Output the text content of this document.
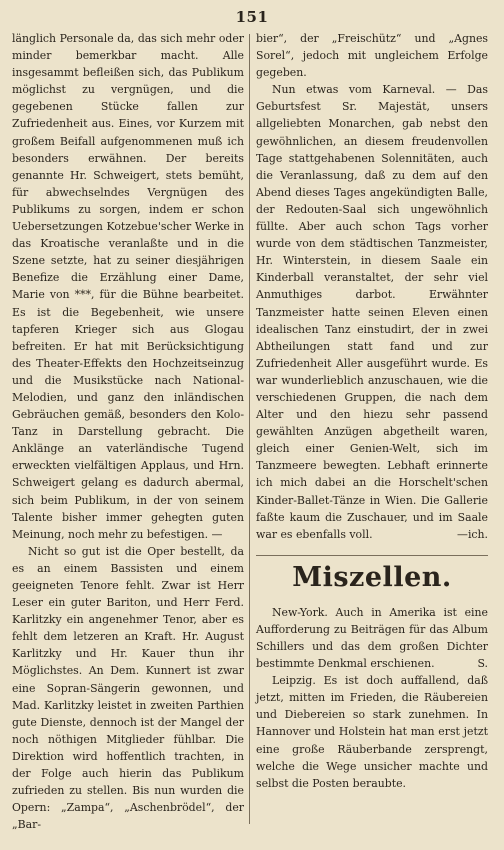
151

länglich Personale da, das sich mehr oder minder bemerkbar macht. Alle insgesammt befleißen sich, das Publikum möglichst zu vergnügen, und die gegebenen Stücke fallen zur Zufriedenheit aus. Eines, vor Kurzem mit großem Beifall aufgenommenen muß ich besonders erwähnen. Der bereits genannte Hr. Schweigert, stets bemüht, für abwechselndes Vergnügen des Publikums zu sorgen, indem er schon Uebersetzungen Kotzebue'scher Werke in das Kroatische veranlaßte und in die Szene setzte, hat zu seiner diesjährigen Benefize die Erzählung einer Dame, Marie von ***, für die Bühne bearbeitet. Es ist die Begebenheit, wie unsere tapferen Krieger sich aus Glogau befreiten. Er hat mit Berücksichtigung des Theater-Effekts den Hochzeitseinzug und die Musikstücke nach National-Melodien, und ganz den inländischen Gebräuchen gemäß, besonders den Kolo-Tanz in Darstellung gebracht. Die Anklänge an vaterländische Tugend erweckten vielfältigen Applaus, und Hrn. Schweigert gelang es dadurch abermal, sich beim Publikum, in der von seinem Talente bisher immer gehegten guten Meinung, noch mehr zu befestigen. —

Nicht so gut ist die Oper bestellt, da es an einem Bassisten und einem geeigneten Tenore fehlt. Zwar ist Herr Leser ein guter Bariton, und Herr Ferd. Karlitzky ein angenehmer Tenor, aber es fehlt dem letzeren an Kraft. Hr. August Karlitzky und Hr. Kauer thun ihr Möglichstes. An Dem. Kunnert ist zwar eine Sopran-Sängerin gewonnen, und Mad. Karlitzky leistet in zweiten Parthien gute Dienste, dennoch ist der Mangel der noch nöthigen Mitglieder fühlbar. Die Direktion wird hoffentlich trachten, in der Folge auch hierin das Publikum zufrieden zu stellen. Bis nun wurden die Opern: „Zampa“, „Aschenbrödel“, der „Bar-

bier“, der „Freischütz“ und „Agnes Sorel“, jedoch mit ungleichem Erfolge gegeben.

Nun etwas vom Karneval. — Das Geburtsfest Sr. Majestät, unsers allgeliebten Monarchen, gab nebst den gewöhnlichen, an diesem freudenvollen Tage stattgehabenen Solennitäten, auch die Veranlassung, daß zu dem auf den Abend dieses Tages angekündigten Balle, der Redouten-Saal sich ungewöhnlich füllte. Aber auch schon Tags vorher wurde von dem städtischen Tanzmeister, Hr. Winterstein, in diesem Saale ein Kinderball veranstaltet, der sehr viel Anmuthiges darbot. Erwähnter Tanzmeister hatte seinen Eleven einen idealischen Tanz einstudirt, der in zwei Abtheilungen statt fand und zur Zufriedenheit Aller ausgeführt wurde. Es war wunderlieblich anzuschauen, wie die verschiedenen Gruppen, die nach dem Alter und den hiezu sehr passend gewählten Anzügen abgetheilt waren, gleich einer Genien-Welt, sich im Tanzmeere bewegten. Lebhaft erinnerte ich mich dabei an die Horschelt'schen Kinder-Ballet-Tänze in Wien. Die Gallerie faßte kaum die Zuschauer, und im Saale war es ebenfalls voll.	—ich.

Miszellen.

New-York. Auch in Amerika ist eine Aufforderung zu Beiträgen für das Album Schillers und das dem großen Dichter bestimmte Denkmal erschienen.	S.

Leipzig. Es ist doch auffallend, daß jetzt, mitten im Frieden, die Räubereien und Diebereien so stark zunehmen. In Hannover und Holstein hat man erst jetzt eine große Räuberbande zersprengt, welche die Wege unsicher machte und selbst die Posten beraubte.
